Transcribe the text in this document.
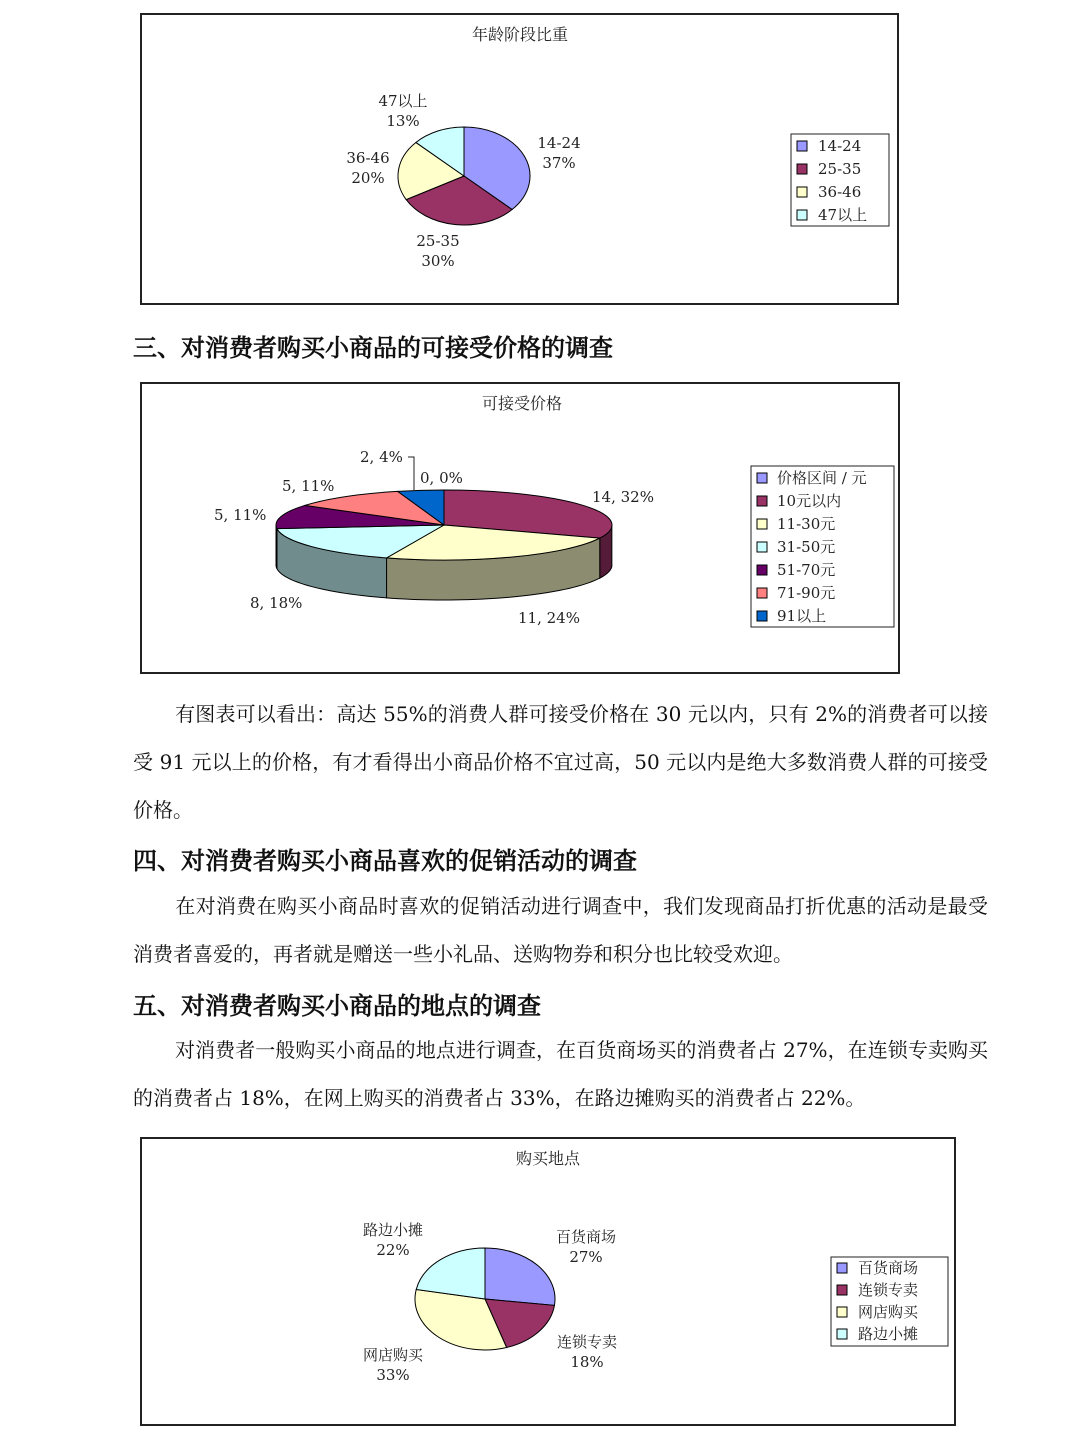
年龄阶段比重
14-24
37%
25-35
30%
36-46
20%
47以上
13%
14-24
25-35
36-46
47以上
三、对消费者购买小商品的可接受价格的调查
可接受价格
2, 4%
0, 0%
14, 32%
5, 11%
5, 11%
8, 18%
11, 24%
价格区间 / 元
10元以内
11-30元
31-50元
51-70元
71-90元
91以上
有图表可以看出：高达 55%的消费人群可接受价格在 30 元以内，只有 2%的消费者可以接受 91 元以上的价格，有才看得出小商品价格不宜过高，50 元以内是绝大多数消费人群的可接受价格。
四、对消费者购买小商品喜欢的促销活动的调查
在对消费在购买小商品时喜欢的促销活动进行调查中，我们发现商品打折优惠的活动是最受消费者喜爱的，再者就是赠送一些小礼品、送购物券和积分也比较受欢迎。
五、对消费者购买小商品的地点的调查
对消费者一般购买小商品的地点进行调查，在百货商场买的消费者占 27%，在连锁专卖购买的消费者占 18%，在网上购买的消费者占 33%，在路边摊购买的消费者占 22%。
购买地点
百货商场
27%
连锁专卖
18%
网店购买
33%
路边小摊
22%
百货商场
连锁专卖
网店购买
路边小摊
